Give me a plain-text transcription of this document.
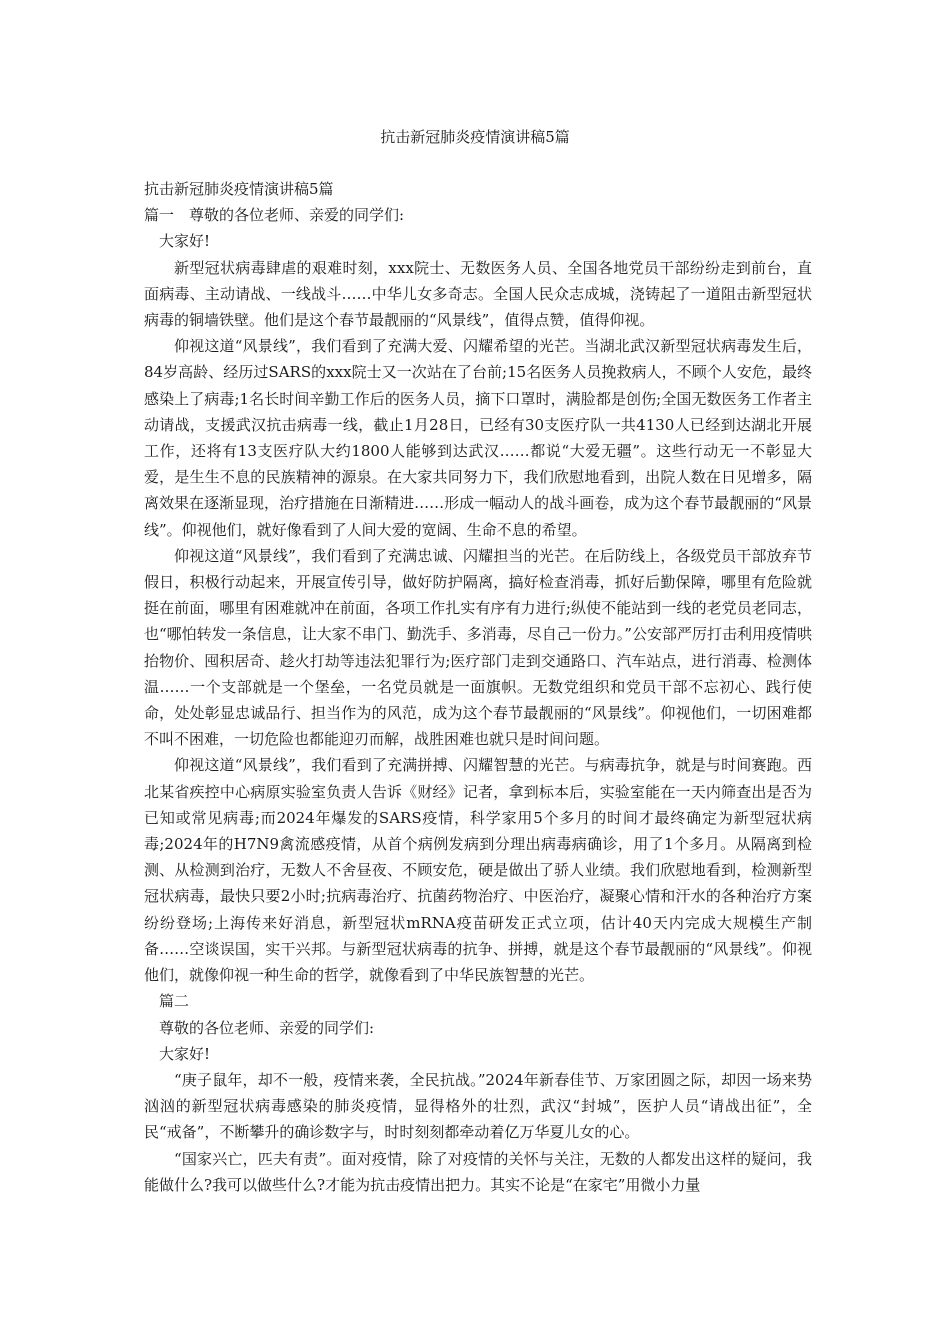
抗击新冠肺炎疫情演讲稿5篇

抗击新冠肺炎疫情演讲稿5篇

篇一　尊敬的各位老师、亲爱的同学们:

大家好!

新型冠状病毒肆虐的艰难时刻，xxx院士、无数医务人员、全国各地党员干部纷纷走到前台，直面病毒、主动请战、一线战斗……中华儿女多奇志。全国人民众志成城，浇铸起了一道阻击新型冠状病毒的铜墙铁壁。他们是这个春节最靓丽的“风景线”，值得点赞，值得仰视。

仰视这道“风景线”，我们看到了充满大爱、闪耀希望的光芒。当湖北武汉新型冠状病毒发生后，84岁高龄、经历过SARS的xxx院士又一次站在了台前;15名医务人员挽救病人，不顾个人安危，最终感染上了病毒;1名长时间辛勤工作后的医务人员，摘下口罩时，满脸都是创伤;全国无数医务工作者主动请战，支援武汉抗击病毒一线，截止1月28日，已经有30支医疗队一共4130人已经到达湖北开展工作，还将有13支医疗队大约1800人能够到达武汉……都说“大爱无疆”。这些行动无一不彰显大爱，是生生不息的民族精神的源泉。在大家共同努力下，我们欣慰地看到，出院人数在日见增多，隔离效果在逐渐显现，治疗措施在日渐精进……形成一幅动人的战斗画卷，成为这个春节最靓丽的“风景线”。仰视他们，就好像看到了人间大爱的宽阔、生命不息的希望。

仰视这道“风景线”，我们看到了充满忠诚、闪耀担当的光芒。在后防线上，各级党员干部放弃节假日，积极行动起来，开展宣传引导，做好防护隔离，搞好检查消毒，抓好后勤保障，哪里有危险就挺在前面，哪里有困难就冲在前面，各项工作扎实有序有力进行;纵使不能站到一线的老党员老同志，也“哪怕转发一条信息，让大家不串门、勤洗手、多消毒，尽自己一份力。”公安部严厉打击利用疫情哄抬物价、囤积居奇、趁火打劫等违法犯罪行为;医疗部门走到交通路口、汽车站点，进行消毒、检测体温……一个支部就是一个堡垒，一名党员就是一面旗帜。无数党组织和党员干部不忘初心、践行使命，处处彰显忠诚品行、担当作为的风范，成为这个春节最靓丽的“风景线”。仰视他们，一切困难都不叫不困难，一切危险也都能迎刃而解，战胜困难也就只是时间问题。

仰视这道“风景线”，我们看到了充满拼搏、闪耀智慧的光芒。与病毒抗争，就是与时间赛跑。西北某省疾控中心病原实验室负责人告诉《财经》记者，拿到标本后，实验室能在一天内筛查出是否为已知或常见病毒;而2024年爆发的SARS疫情，科学家用5个多月的时间才最终确定为新型冠状病毒;2024年的H7N9禽流感疫情，从首个病例发病到分理出病毒病确诊，用了1个多月。从隔离到检测、从检测到治疗，无数人不舍昼夜、不顾安危，硬是做出了骄人业绩。我们欣慰地看到，检测新型冠状病毒，最快只要2小时;抗病毒治疗、抗菌药物治疗、中医治疗，凝聚心情和汗水的各种治疗方案纷纷登场;上海传来好消息，新型冠状mRNA疫苗研发正式立项，估计40天内完成大规模生产制备……空谈误国，实干兴邦。与新型冠状病毒的抗争、拼搏，就是这个春节最靓丽的“风景线”。仰视他们，就像仰视一种生命的哲学，就像看到了中华民族智慧的光芒。

篇二

尊敬的各位老师、亲爱的同学们:

大家好!

“庚子鼠年，却不一般，疫情来袭，全民抗战。”2024年新春佳节、万家团圆之际，却因一场来势汹汹的新型冠状病毒感染的肺炎疫情，显得格外的壮烈，武汉“封城”，医护人员“请战出征”，全民“戒备”，不断攀升的确诊数字与，时时刻刻都牵动着亿万华夏儿女的心。

“国家兴亡，匹夫有责”。面对疫情，除了对疫情的关怀与关注，无数的人都发出这样的疑问，我能做什么?我可以做些什么?才能为抗击疫情出把力。其实不论是“在家宅”用微小力量
